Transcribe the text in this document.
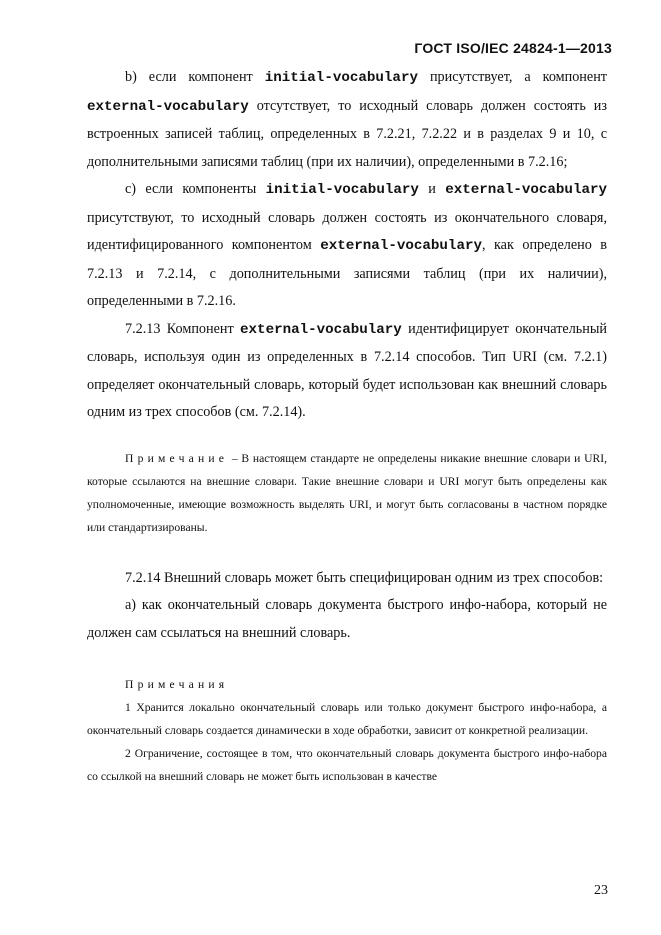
ГОСТ ISO/IEC 24824-1—2013

b) если компонент initial-vocabulary присутствует, а компонент external-vocabulary отсутствует, то исходный словарь должен состоять из встроенных записей таблиц, определенных в 7.2.21, 7.2.22 и в разделах 9 и 10, с дополнительными записями таблиц (при их наличии), определенными в 7.2.16;

c) если компоненты initial-vocabulary и external-vocabulary присутствуют, то исходный словарь должен состоять из окончательного словаря, идентифицированного компонентом external-vocabulary, как определено в 7.2.13 и 7.2.14, с дополнительными записями таблиц (при их наличии), определенными в 7.2.16.

7.2.13 Компонент external-vocabulary идентифицирует окончательный словарь, используя один из определенных в 7.2.14 способов. Тип URI (см. 7.2.1) определяет окончательный словарь, который будет использован как внешний словарь одним из трех способов (см. 7.2.14).

Примечание – В настоящем стандарте не определены никакие внешние словари и URI, которые ссылаются на внешние словари. Такие внешние словари и URI могут быть определены как уполномоченные, имеющие возможность выделять URI, и могут быть согласованы в частном порядке или стандартизированы.

7.2.14 Внешний словарь может быть специфицирован одним из трех способов:

a) как окончательный словарь документа быстрого инфо-набора, который не должен сам ссылаться на внешний словарь.

Примечания

1 Хранится локально окончательный словарь или только документ быстрого инфо-набора, а окончательный словарь создается динамически в ходе обработки, зависит от конкретной реализации.

2 Ограничение, состоящее в том, что окончательный словарь документа быстрого инфо-набора со ссылкой на внешний словарь не может быть использован в качестве

23
